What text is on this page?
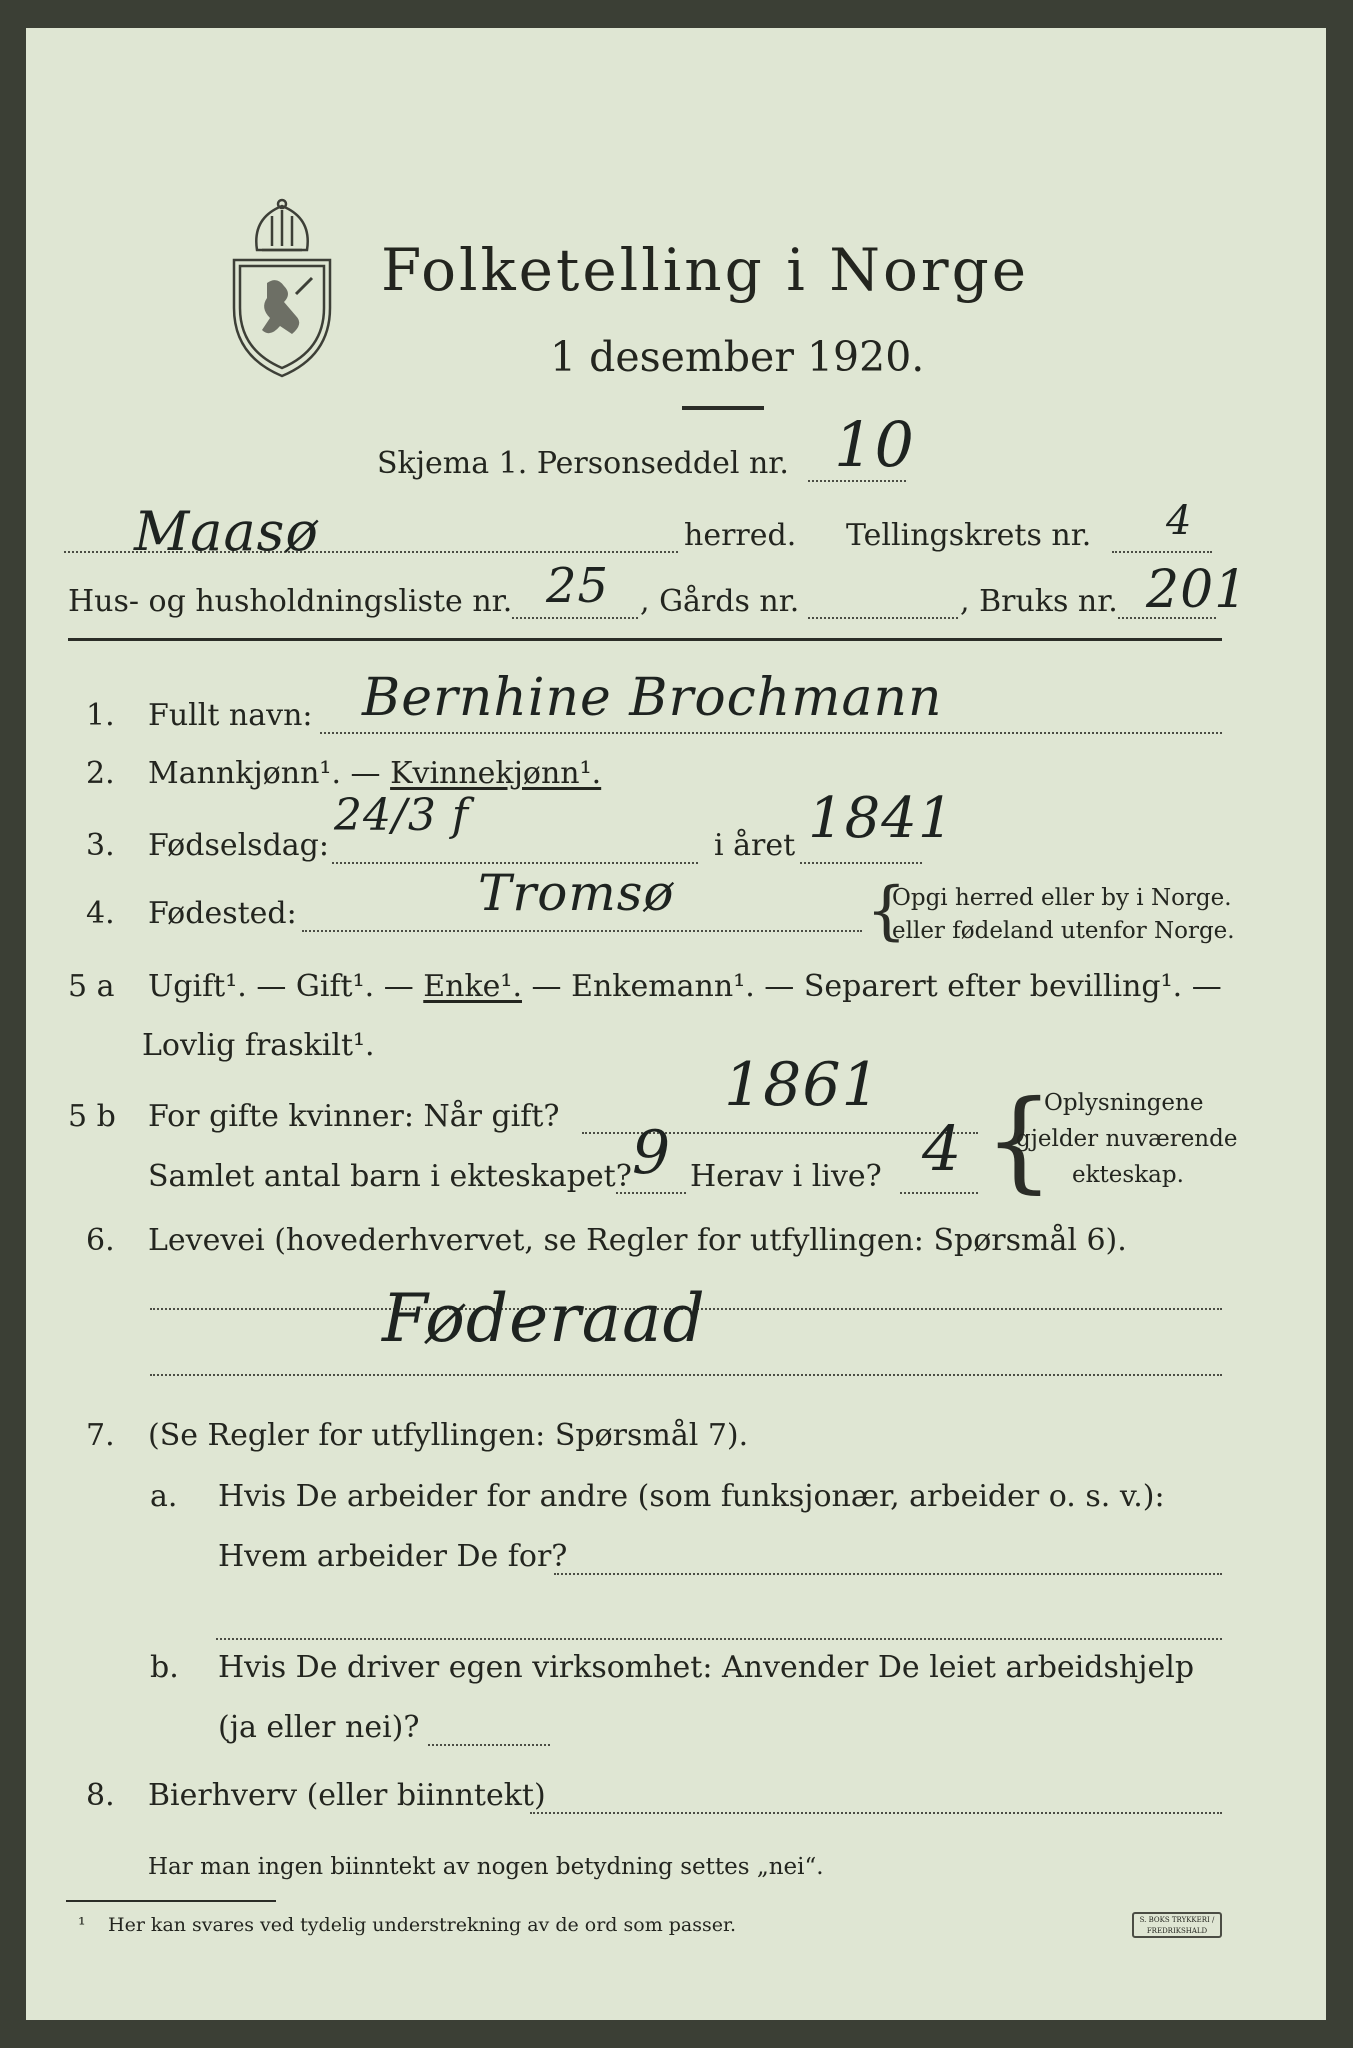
Folketelling i Norge
1 desember 1920.
Skjema 1. Personseddel nr. 10
Maasø	herred. Tellingskrets nr. 4
Hus- og husholdningsliste nr. 25 , Gårds nr.	, Bruks nr. 201
1. Fullt navn: Bernhine Brochmann
2. Mannkjønn¹. — Kvinnekjønn¹.
3. Fødselsdag:
24/3 f
i året 1841
4. Fødested:	Tromsø	{
Opgi herred eller by i Norge.
eller fødeland utenfor Norge.
5 a Ugift¹. — Gift¹. — Enke¹. — Enkemann¹. — Separert efter bevilling¹. —
Lovlig fraskilt¹.
5 b For gifte kvinner: Når gift?	1861
Samlet antal barn i ekteskapet? 9 Herav i live? 4 {
Oplysningene
gjelder nuværende
ekteskap.
6. Levevei (hovederhvervet, se Regler for utfyllingen: Spørsmål 6).
Føderaad
7. (Se Regler for utfyllingen: Spørsmål 7).
a. Hvis De arbeider for andre (som funksjonær, arbeider o. s. v.):
Hvem arbeider De for?
b. Hvis De driver egen virksomhet: Anvender De leiet arbeidshjelp
(ja eller nei)?
8. Bierhverv (eller biinntekt)
Har man ingen biinntekt av nogen betydning settes „nei“.
¹ Her kan svares ved tydelig understrekning av de ord som passer.	S. BOKS TRYKKERI / FREDRIKSHALD
